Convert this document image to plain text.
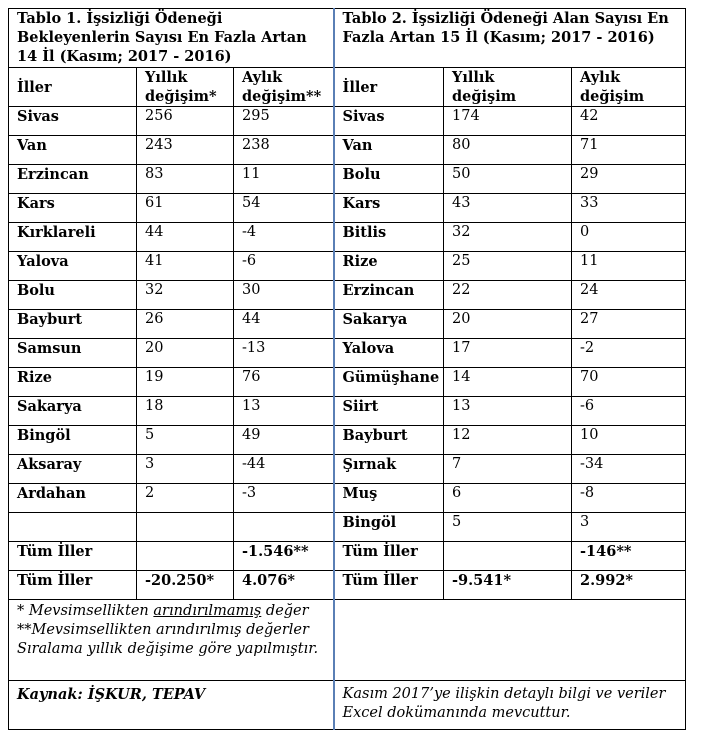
Tablo 1. İşsizliği Ödeneği Bekleyenlerin Sayısı En Fazla Artan 14 İl (Kasım; 2017 - 2016)			Tablo 2. İşsizliği Ödeneği Alan Sayısı En Fazla Artan 15 İl (Kasım; 2017 - 2016)		
İller	Yıllık değişim*	Aylık değişim**	İller	Yıllık değişim	Aylık değişim
Sivas	256	295	Sivas	174	42
Van	243	238	Van	80	71
Erzincan	83	11	Bolu	50	29
Kars	61	54	Kars	43	33
Kırklareli	44	-4	Bitlis	32	0
Yalova	41	-6	Rize	25	11
Bolu	32	30	Erzincan	22	24
Bayburt	26	44	Sakarya	20	27
Samsun	20	-13	Yalova	17	-2
Rize	19	76	Gümüşhane	14	70
Sakarya	18	13	Siirt	13	-6
Bingöl	5	49	Bayburt	12	10
Aksaray	3	-44	Şırnak	7	-34
Ardahan	2	-3	Muş	6	-8
			Bingöl	5	3
Tüm İller		-1.546**	Tüm İller		-146**
Tüm İller	-20.250*	4.076*	Tüm İller	-9.541*	2.992*

* Mevsimsellikten arındırılmamış değer
**Mevsimsellikten arındırılmış değerler
Sıralama yıllık değişime göre yapılmıştır.					

Kaynak: İŞKUR, TEPAV			Kasım 2017’ye ilişkin detaylı bilgi ve veriler Excel dokümanında mevcuttur.		
